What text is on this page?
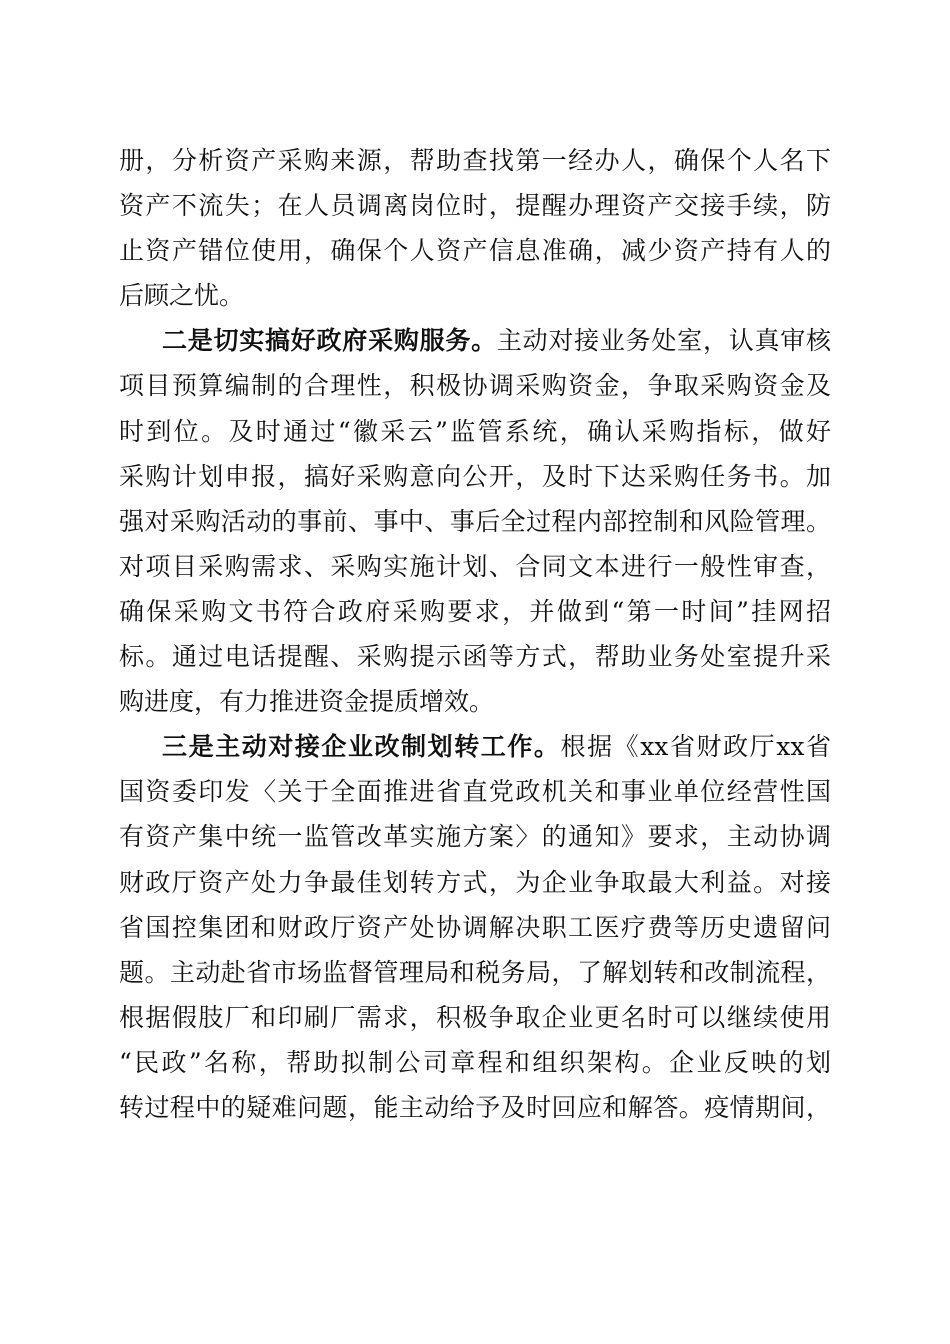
册，分析资产采购来源，帮助查找第一经办人，确保个人名下
资产不流失；在人员调离岗位时，提醒办理资产交接手续，防
止资产错位使用，确保个人资产信息准确，减少资产持有人的
后顾之忧。
二是切实搞好政府采购服务。主动对接业务处室，认真审核
项目预算编制的合理性，积极协调采购资金，争取采购资金及
时到位。及时通过“徽采云”监管系统，确认采购指标，做好
采购计划申报，搞好采购意向公开，及时下达采购任务书。加
强对采购活动的事前、事中、事后全过程内部控制和风险管理。
对项目采购需求、采购实施计划、合同文本进行一般性审查，
确保采购文书符合政府采购要求，并做到“第一时间”挂网招
标。通过电话提醒、采购提示函等方式，帮助业务处室提升采
购进度，有力推进资金提质增效。
三是主动对接企业改制划转工作。根据《xx省财政厅xx省
国资委印发〈关于全面推进省直党政机关和事业单位经营性国
有资产集中统一监管改革实施方案〉的通知》要求，主动协调
财政厅资产处力争最佳划转方式，为企业争取最大利益。对接
省国控集团和财政厅资产处协调解决职工医疗费等历史遗留问
题。主动赴省市场监督管理局和税务局，了解划转和改制流程，
根据假肢厂和印刷厂需求，积极争取企业更名时可以继续使用
“民政”名称，帮助拟制公司章程和组织架构。企业反映的划
转过程中的疑难问题，能主动给予及时回应和解答。疫情期间，
